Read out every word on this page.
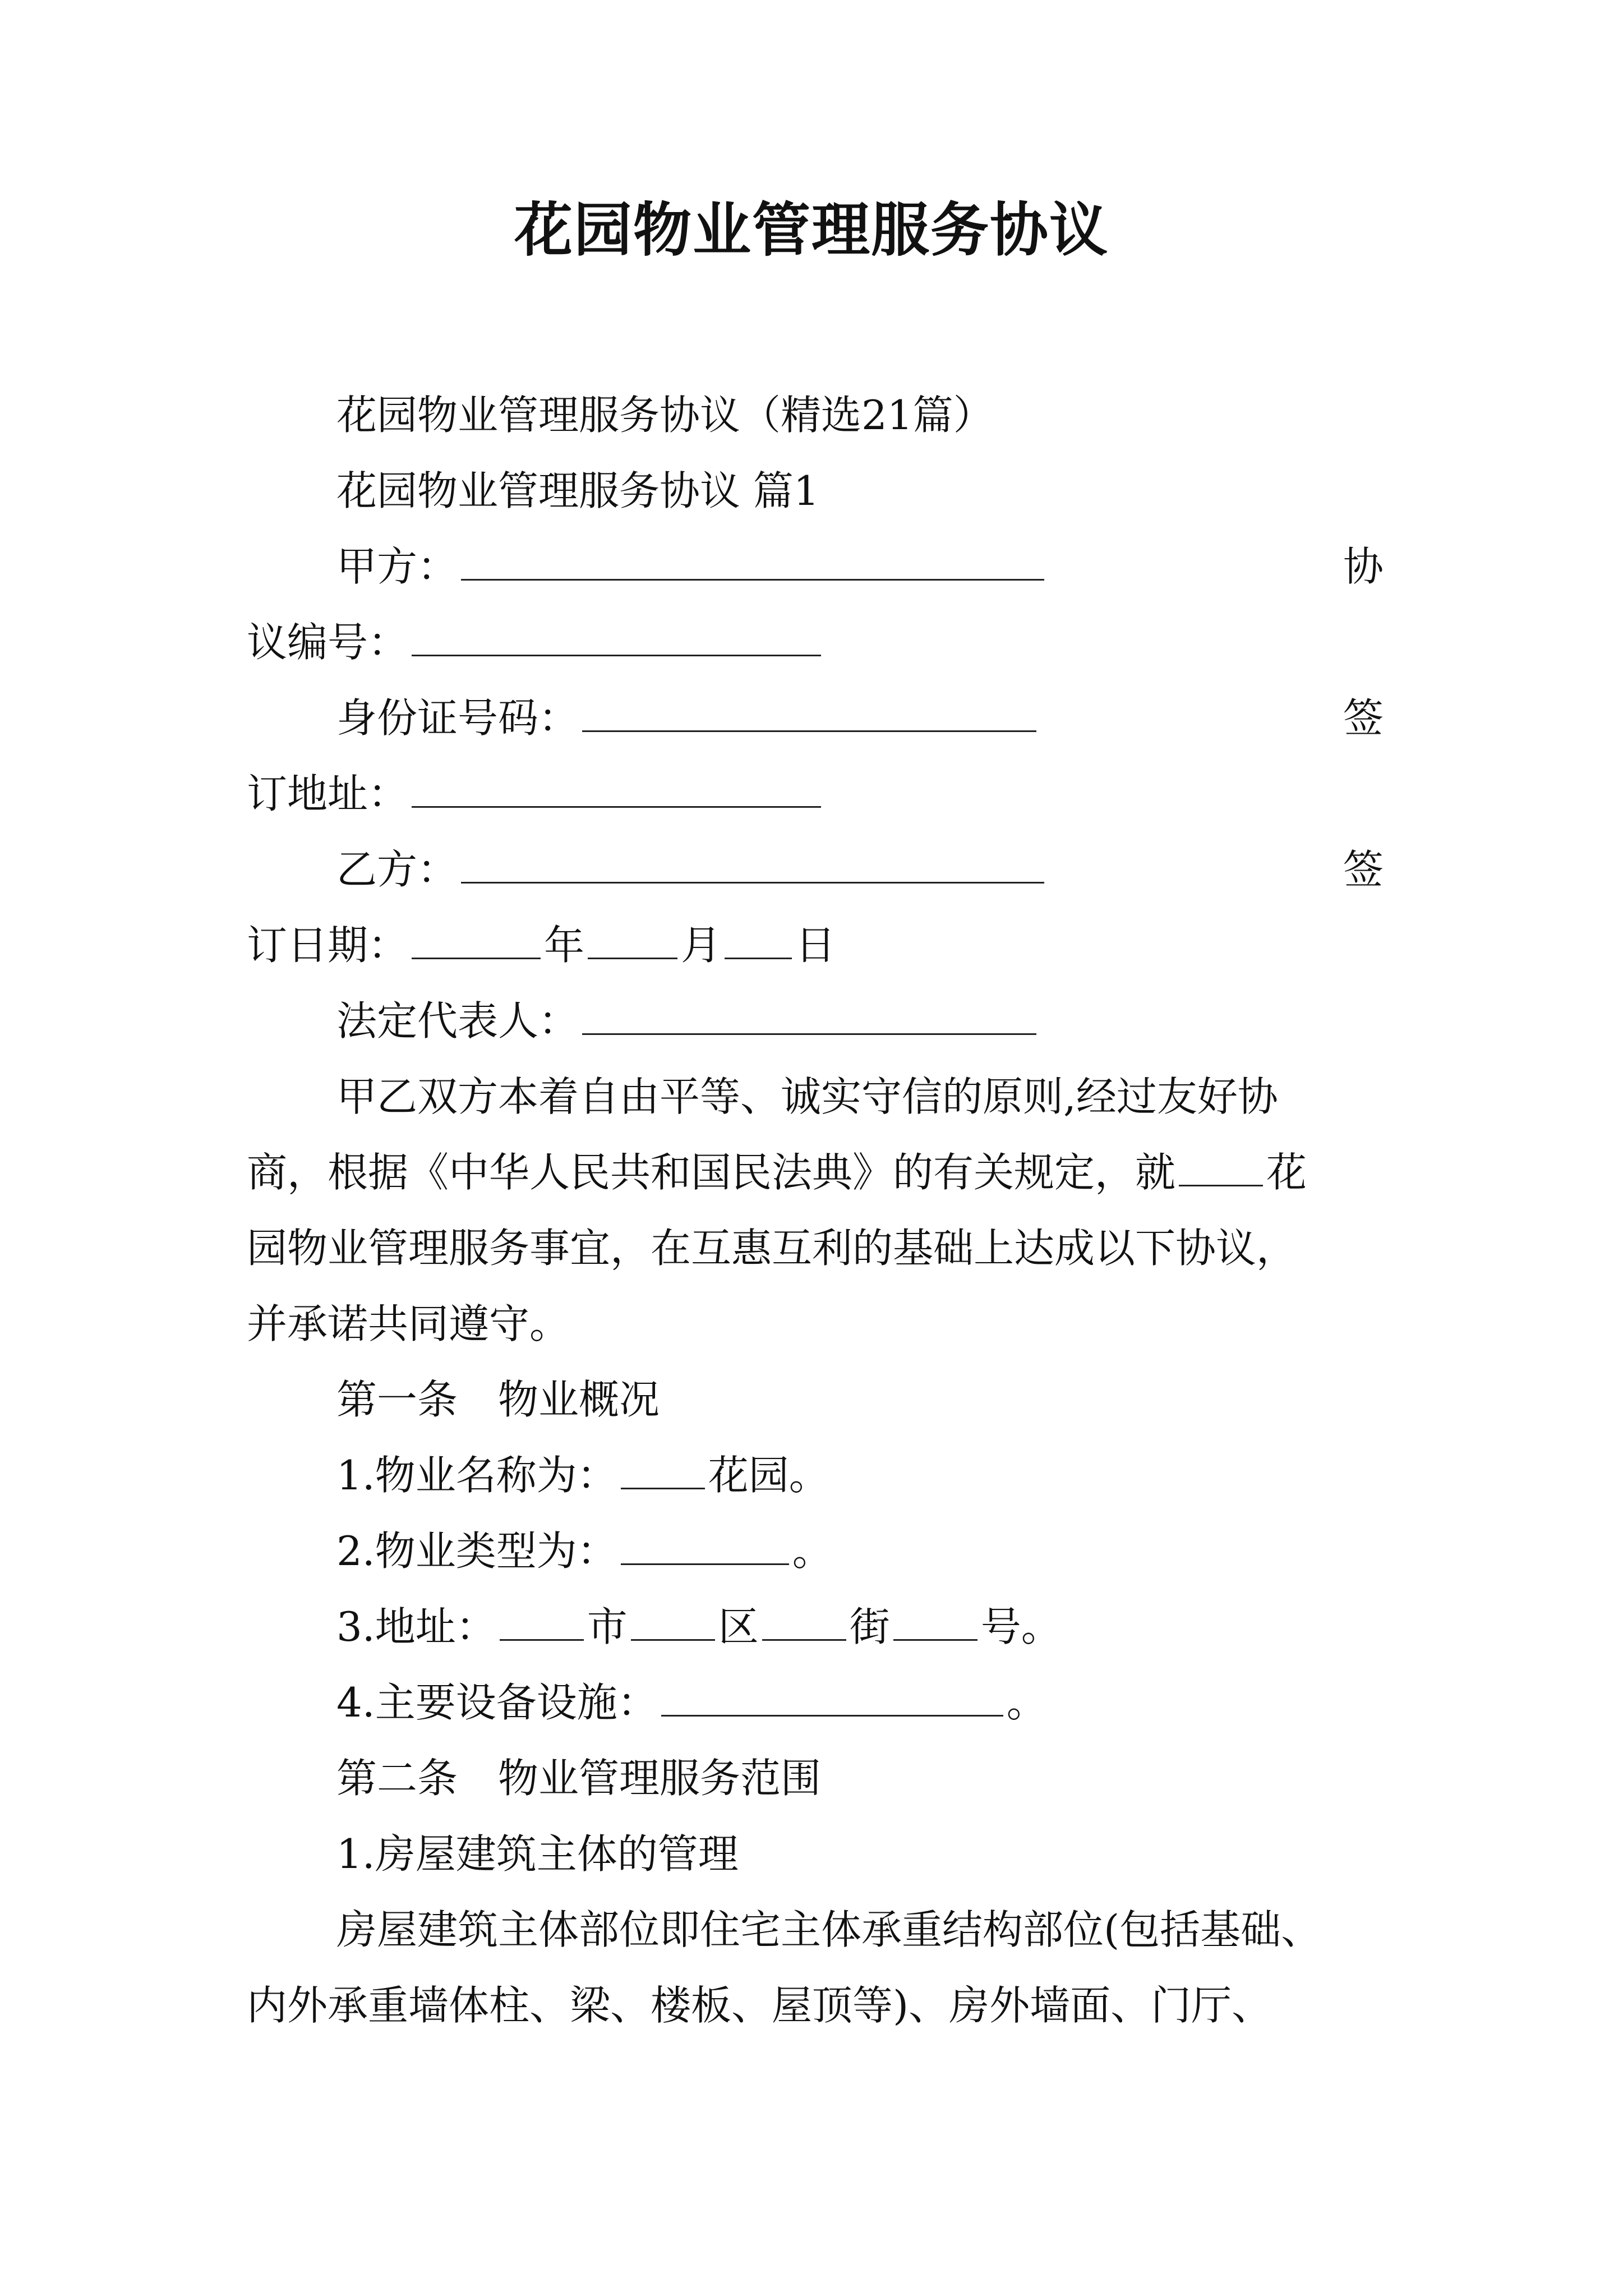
花园物业管理服务协议
花园物业管理服务协议（精选21篇）
花园物业管理服务协议 篇1
甲方：	协
议编号：
身份证号码：	签
订地址：
乙方：	签
订日期：	年 月 日
法定代表人：
甲乙双方本着自由平等、诚实守信的原则,经过友好协
商，根据《中华人民共和国民法典》的有关规定，就 花
园物业管理服务事宜，在互惠互利的基础上达成以下协议，
并承诺共同遵守。
第一条　物业概况
1.物业名称为： 花园。
2.物业类型为：	。
3.地址： 市 区 街 号。
4.主要设备设施：	。
第二条　物业管理服务范围
1.房屋建筑主体的管理
房屋建筑主体部位即住宅主体承重结构部位(包括基础、
内外承重墙体柱、梁、楼板、屋顶等)、房外墙面、门厅、
